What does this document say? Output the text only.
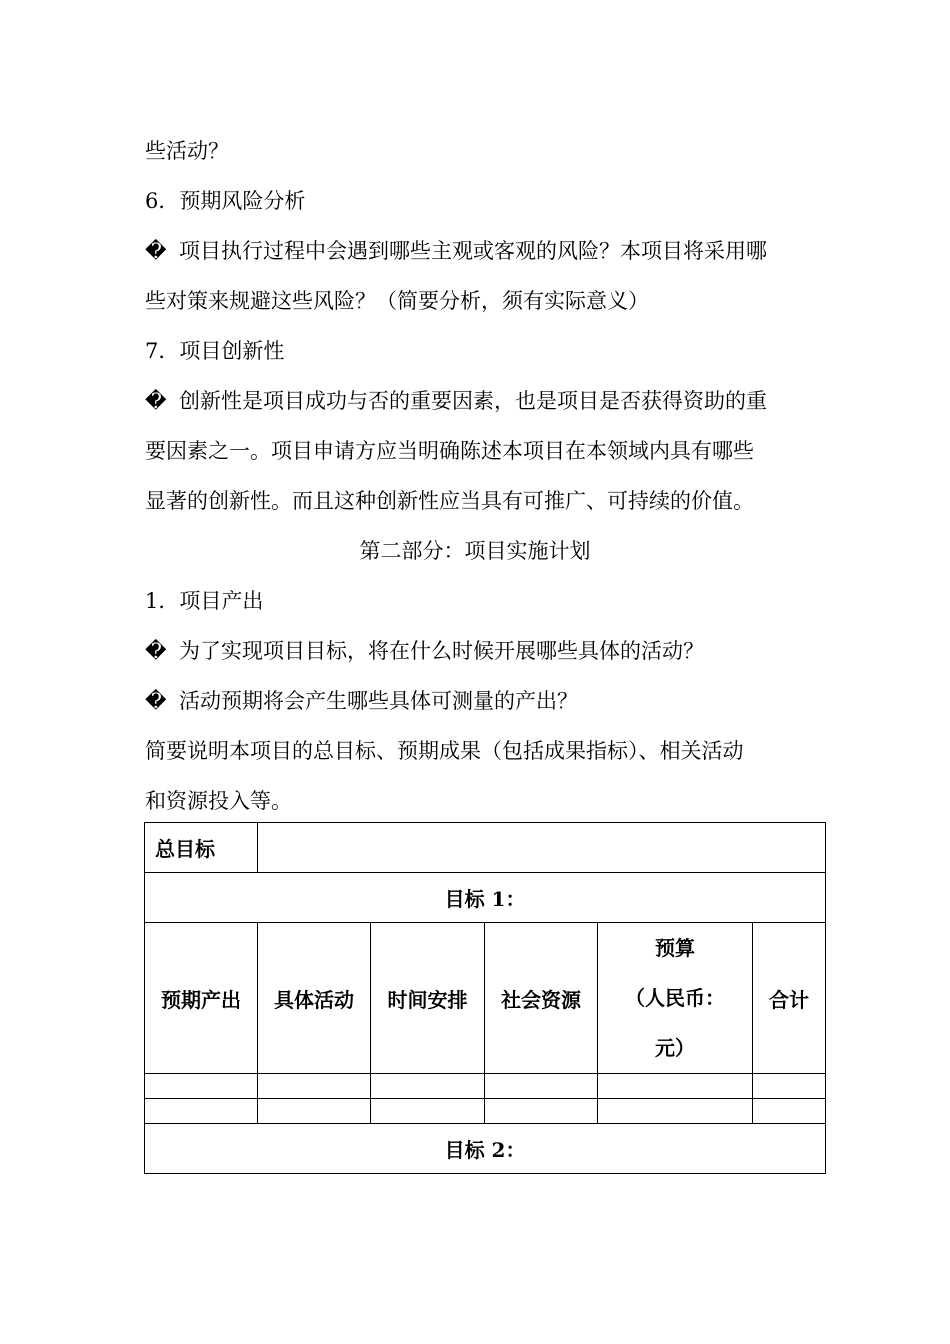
些活动？
6．预期风险分析
� 项目执行过程中会遇到哪些主观或客观的风险？本项目将采用哪
些对策来规避这些风险？（简要分析，须有实际意义）
7．项目创新性
� 创新性是项目成功与否的重要因素，也是项目是否获得资助的重
要因素之一。项目申请方应当明确陈述本项目在本领域内具有哪些
显著的创新性。而且这种创新性应当具有可推广、可持续的价值。
第二部分：项目实施计划
1．项目产出
� 为了实现项目目标，将在什么时候开展哪些具体的活动？
� 活动预期将会产生哪些具体可测量的产出？
简要说明本项目的总目标、预期成果（包括成果指标）、相关活动
和资源投入等。
总目标					
目标 1：					
预期产出	具体活动	时间安排	社会资源	预算
（人民币：
元）	合计

目标 2：					
